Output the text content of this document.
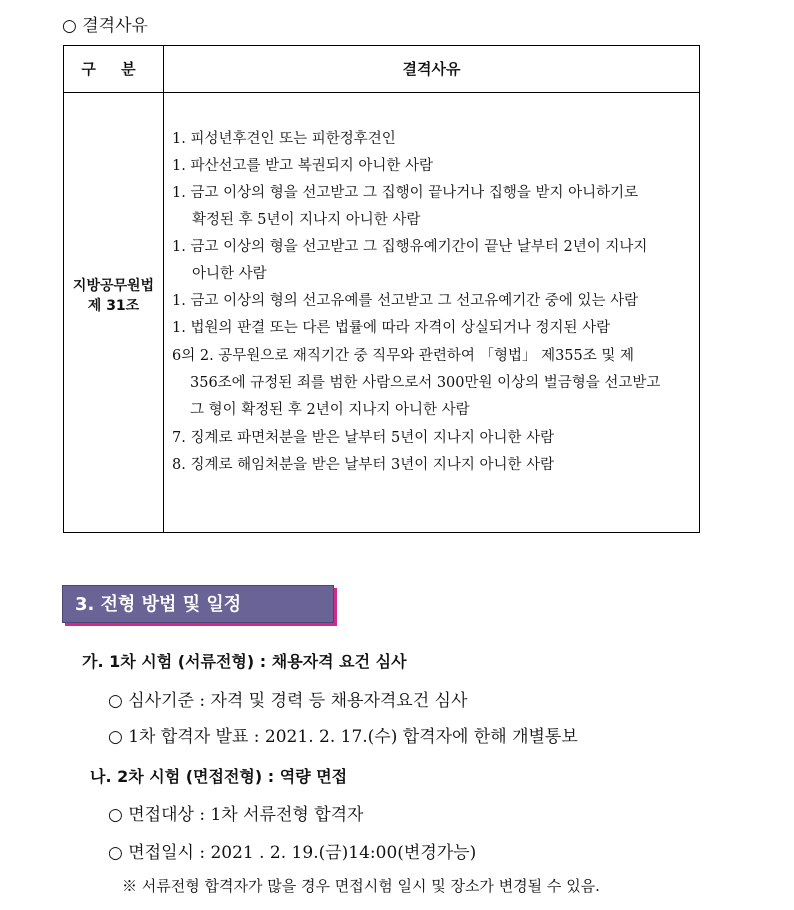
○ 결격사유
구 분	결격사유
지방공무원법
제 31조
1. 피성년후견인 또는 피한정후견인
1. 파산선고를 받고 복권되지 아니한 사람
1. 금고 이상의 형을 선고받고 그 집행이 끝나거나 집행을 받지 아니하기로
확정된 후 5년이 지나지 아니한 사람
1. 금고 이상의 형을 선고받고 그 집행유예기간이 끝난 날부터 2년이 지나지
아니한 사람
1. 금고 이상의 형의 선고유예를 선고받고 그 선고유예기간 중에 있는 사람
1. 법원의 판결 또는 다른 법률에 따라 자격이 상실되거나 정지된 사람
6의 2. 공무원으로 재직기간 중 직무와 관련하여 「형법」 제355조 및 제
356조에 규정된 죄를 범한 사람으로서 300만원 이상의 벌금형을 선고받고
그 형이 확정된 후 2년이 지나지 아니한 사람
7. 징계로 파면처분을 받은 날부터 5년이 지나지 아니한 사람
8. 징계로 해임처분을 받은 날부터 3년이 지나지 아니한 사람
3. 전형 방법 및 일정
가. 1차 시험 (서류전형) : 채용자격 요건 심사
○ 심사기준 : 자격 및 경력 등 채용자격요건 심사
○ 1차 합격자 발표 : 2021. 2. 17.(수) 합격자에 한해 개별통보
나. 2차 시험 (면접전형) : 역량 면접
○ 면접대상 : 1차 서류전형 합격자
○ 면접일시 : 2021 . 2. 19.(금)14:00(변경가능)
※ 서류전형 합격자가 많을 경우 면접시험 일시 및 장소가 변경될 수 있음.
